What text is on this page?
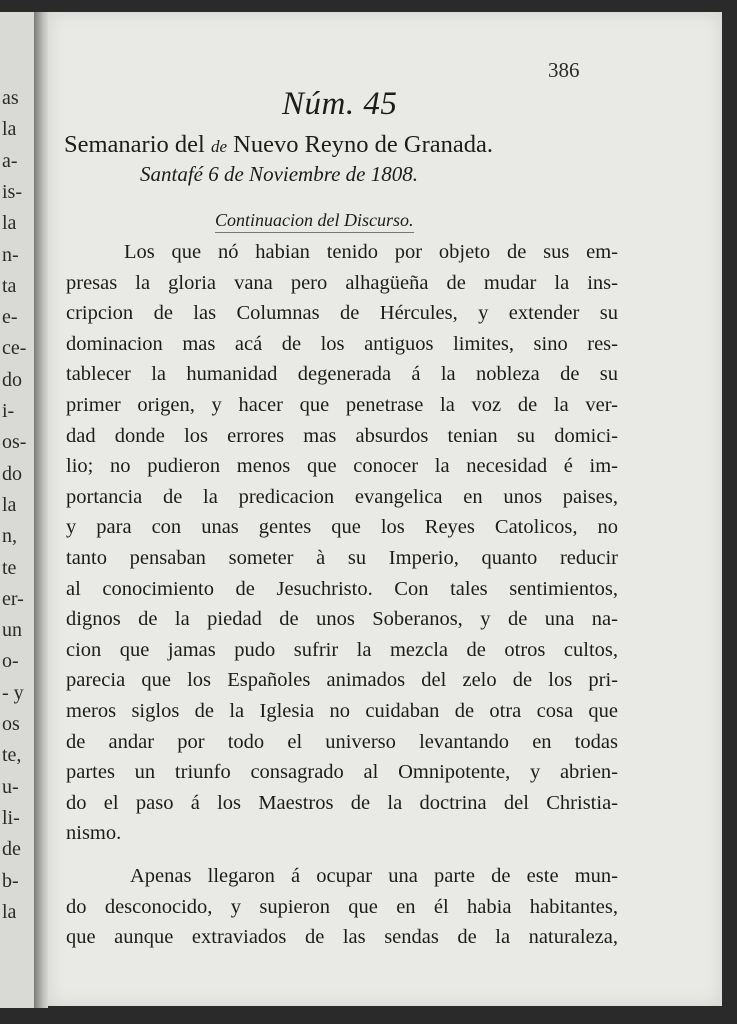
as
la
a-
is-
la
n-
ta
e-
ce-
do
i-
os-
do
la
n,
te
er-
un
o-
- y
os
te,
u-
li-
de
b-
la
386
Núm. 45
Semanario del de Nuevo Reyno de Granada.
Santafé 6 de Noviembre de 1808.
Continuacion del Discurso.
Los que nó habian tenido por objeto de sus em-
presas la gloria vana pero alhagüeña de mudar la ins-
cripcion de las Columnas de Hércules, y extender su
dominacion mas acá de los antiguos limites, sino res-
tablecer la humanidad degenerada á la nobleza de su
primer origen, y hacer que penetrase la voz de la ver-
dad donde los errores mas absurdos tenian su domici-
lio; no pudieron menos que conocer la necesidad é im-
portancia de la predicacion evangelica en unos paises,
y para con unas gentes que los Reyes Catolicos, no
tanto pensaban someter à su Imperio, quanto reducir
al conocimiento de Jesuchristo. Con tales sentimientos,
dignos de la piedad de unos Soberanos, y de una na-
cion que jamas pudo sufrir la mezcla de otros cultos,
parecia que los Españoles animados del zelo de los pri-
meros siglos de la Iglesia no cuidaban de otra cosa que
de andar por todo el universo levantando en todas
partes un triunfo consagrado al Omnipotente, y abrien-
do el paso á los Maestros de la doctrina del Christia-
nismo.
Apenas llegaron á ocupar una parte de este mun-
do desconocido, y supieron que en él habia habitantes,
que aunque extraviados de las sendas de la naturaleza,
